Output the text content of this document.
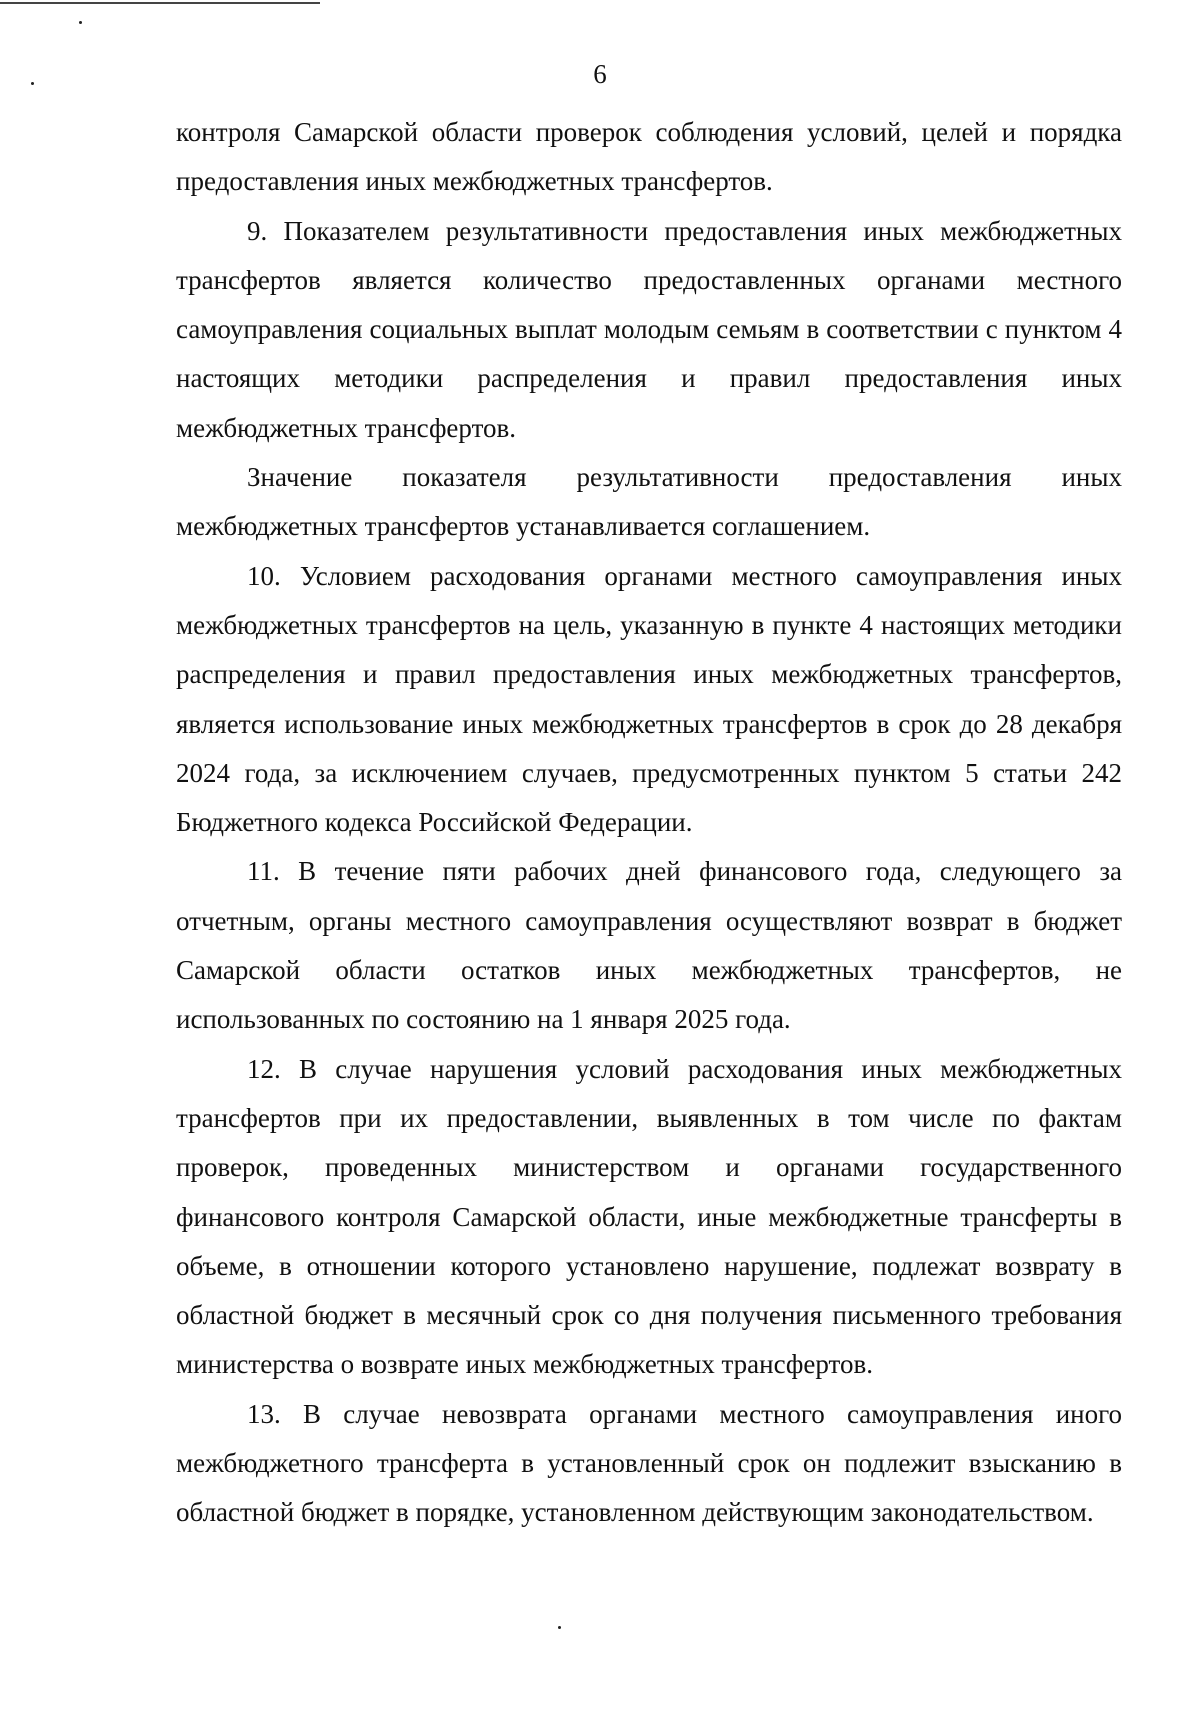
6

контроля Самарской области проверок соблюдения условий, целей и порядка предоставления иных межбюджетных трансфертов.

9. Показателем результативности предоставления иных межбюджетных трансфертов является количество предоставленных органами местного самоуправления социальных выплат молодым семьям в соответствии с пунктом 4 настоящих методики распределения и правил предоставления иных межбюджетных трансфертов.

Значение показателя результативности предоставления иных межбюджетных трансфертов устанавливается соглашением.

10. Условием расходования органами местного самоуправления иных межбюджетных трансфертов на цель, указанную в пункте 4 настоящих методики распределения и правил предоставления иных межбюджетных трансфертов, является использование иных межбюджетных трансфертов в срок до 28 декабря 2024 года, за исключением случаев, предусмотренных пунктом 5 статьи 242 Бюджетного кодекса Российской Федерации.

11. В течение пяти рабочих дней финансового года, следующего за отчетным, органы местного самоуправления осуществляют возврат в бюджет Самарской области остатков иных межбюджетных трансфертов, не использованных по состоянию на 1 января 2025 года.

12. В случае нарушения условий расходования иных межбюджетных трансфертов при их предоставлении, выявленных в том числе по фактам проверок, проведенных министерством и органами государственного финансового контроля Самарской области, иные межбюджетные трансферты в объеме, в отношении которого установлено нарушение, подлежат возврату в областной бюджет в месячный срок со дня получения письменного требования министерства о возврате иных межбюджетных трансфертов.

13. В случае невозврата органами местного самоуправления иного межбюджетного трансферта в установленный срок он подлежит взысканию в областной бюджет в порядке, установленном действующим законодательством.
